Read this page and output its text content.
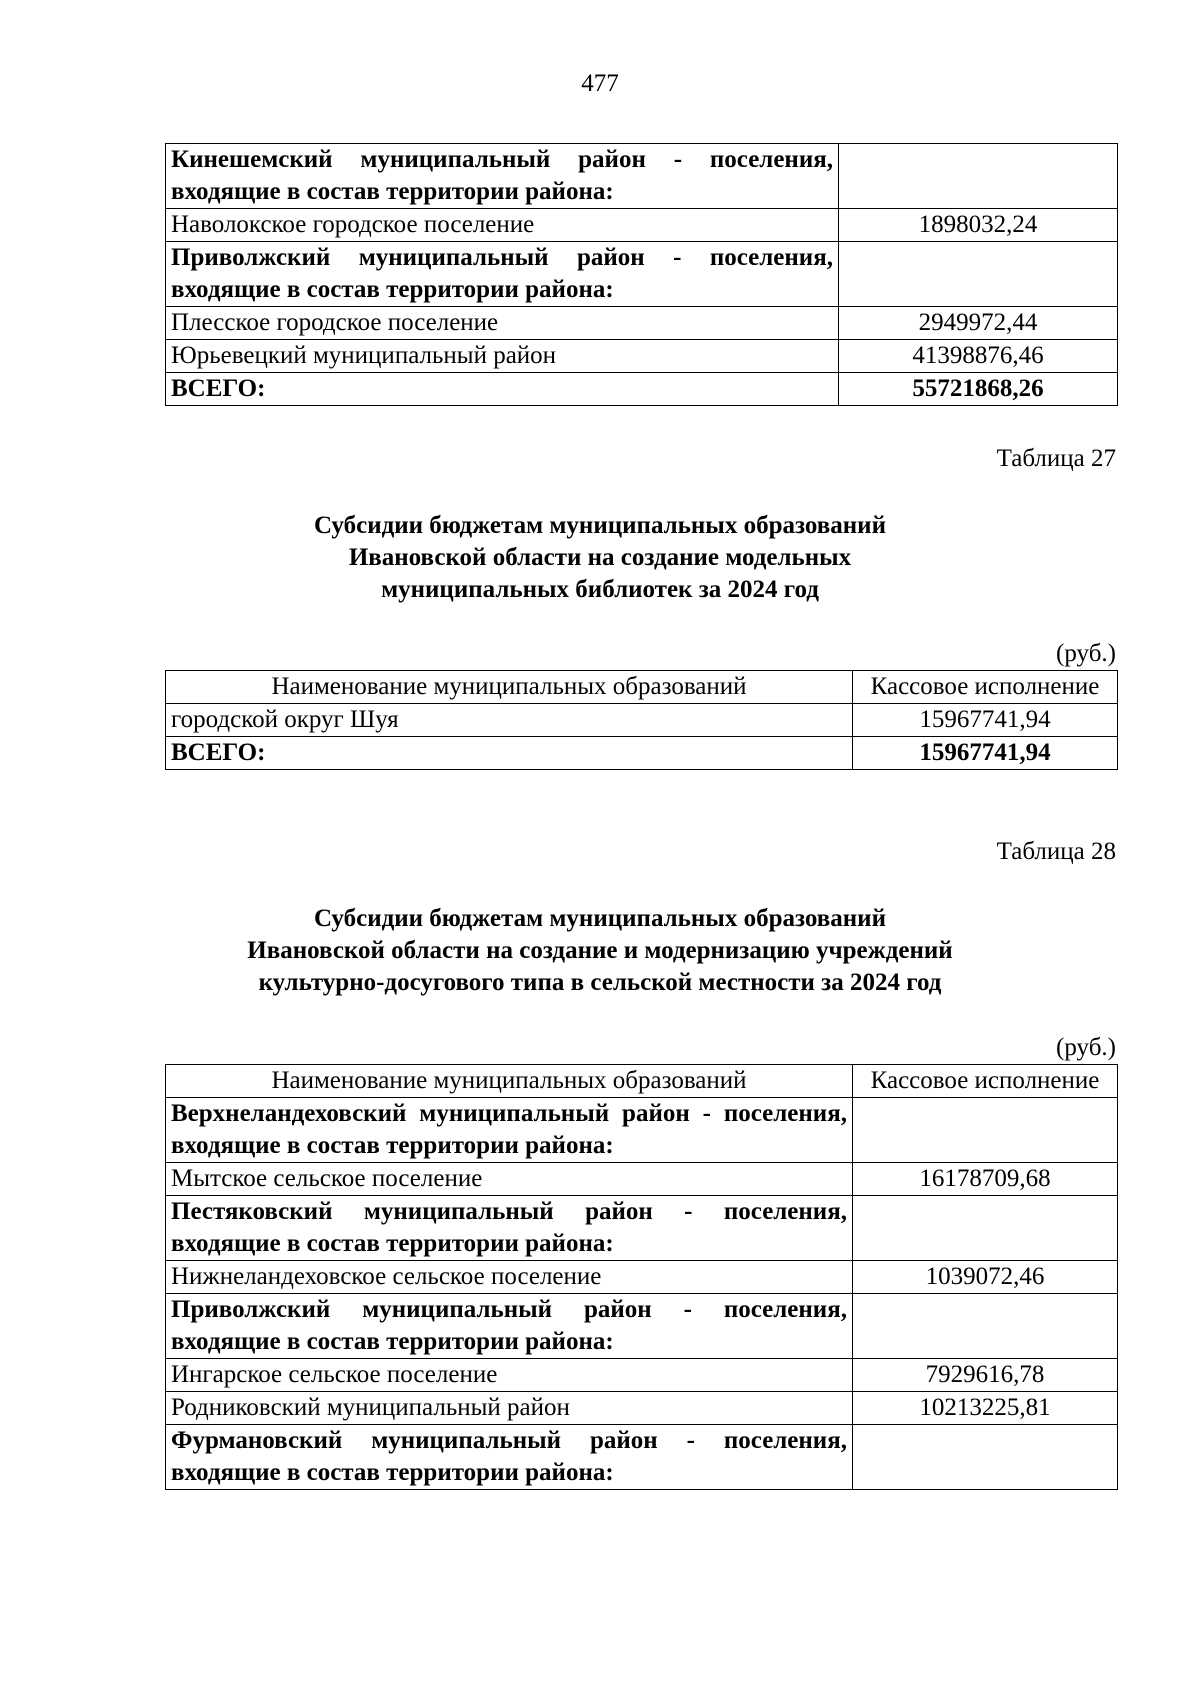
477
Кинешемский муниципальный район - поселения, входящие в состав территории района:	
Наволокское городское поселение	1898032,24
Приволжский муниципальный район - поселения, входящие в состав территории района:	
Плесское городское поселение	2949972,44
Юрьевецкий муниципальный район	41398876,46
ВСЕГО:	55721868,26
Таблица 27
Субсидии бюджетам муниципальных образований
Ивановской области на создание модельных
муниципальных библиотек за 2024 год
(руб.)
Наименование муниципальных образований	Кассовое исполнение
городской округ Шуя	15967741,94
ВСЕГО:	15967741,94
Таблица 28
Субсидии бюджетам муниципальных образований
Ивановской области на создание и модернизацию учреждений
культурно-досугового типа в сельской местности за 2024 год
(руб.)
Наименование муниципальных образований	Кассовое исполнение
Верхнеландеховский муниципальный район - поселения, входящие в состав территории района:	
Мытское сельское поселение	16178709,68
Пестяковский муниципальный район - поселения, входящие в состав территории района:	
Нижнеландеховское сельское поселение	1039072,46
Приволжский муниципальный район - поселения, входящие в состав территории района:	
Ингарское сельское поселение	7929616,78
Родниковский муниципальный район	10213225,81
Фурмановский муниципальный район - поселения, входящие в состав территории района:	
